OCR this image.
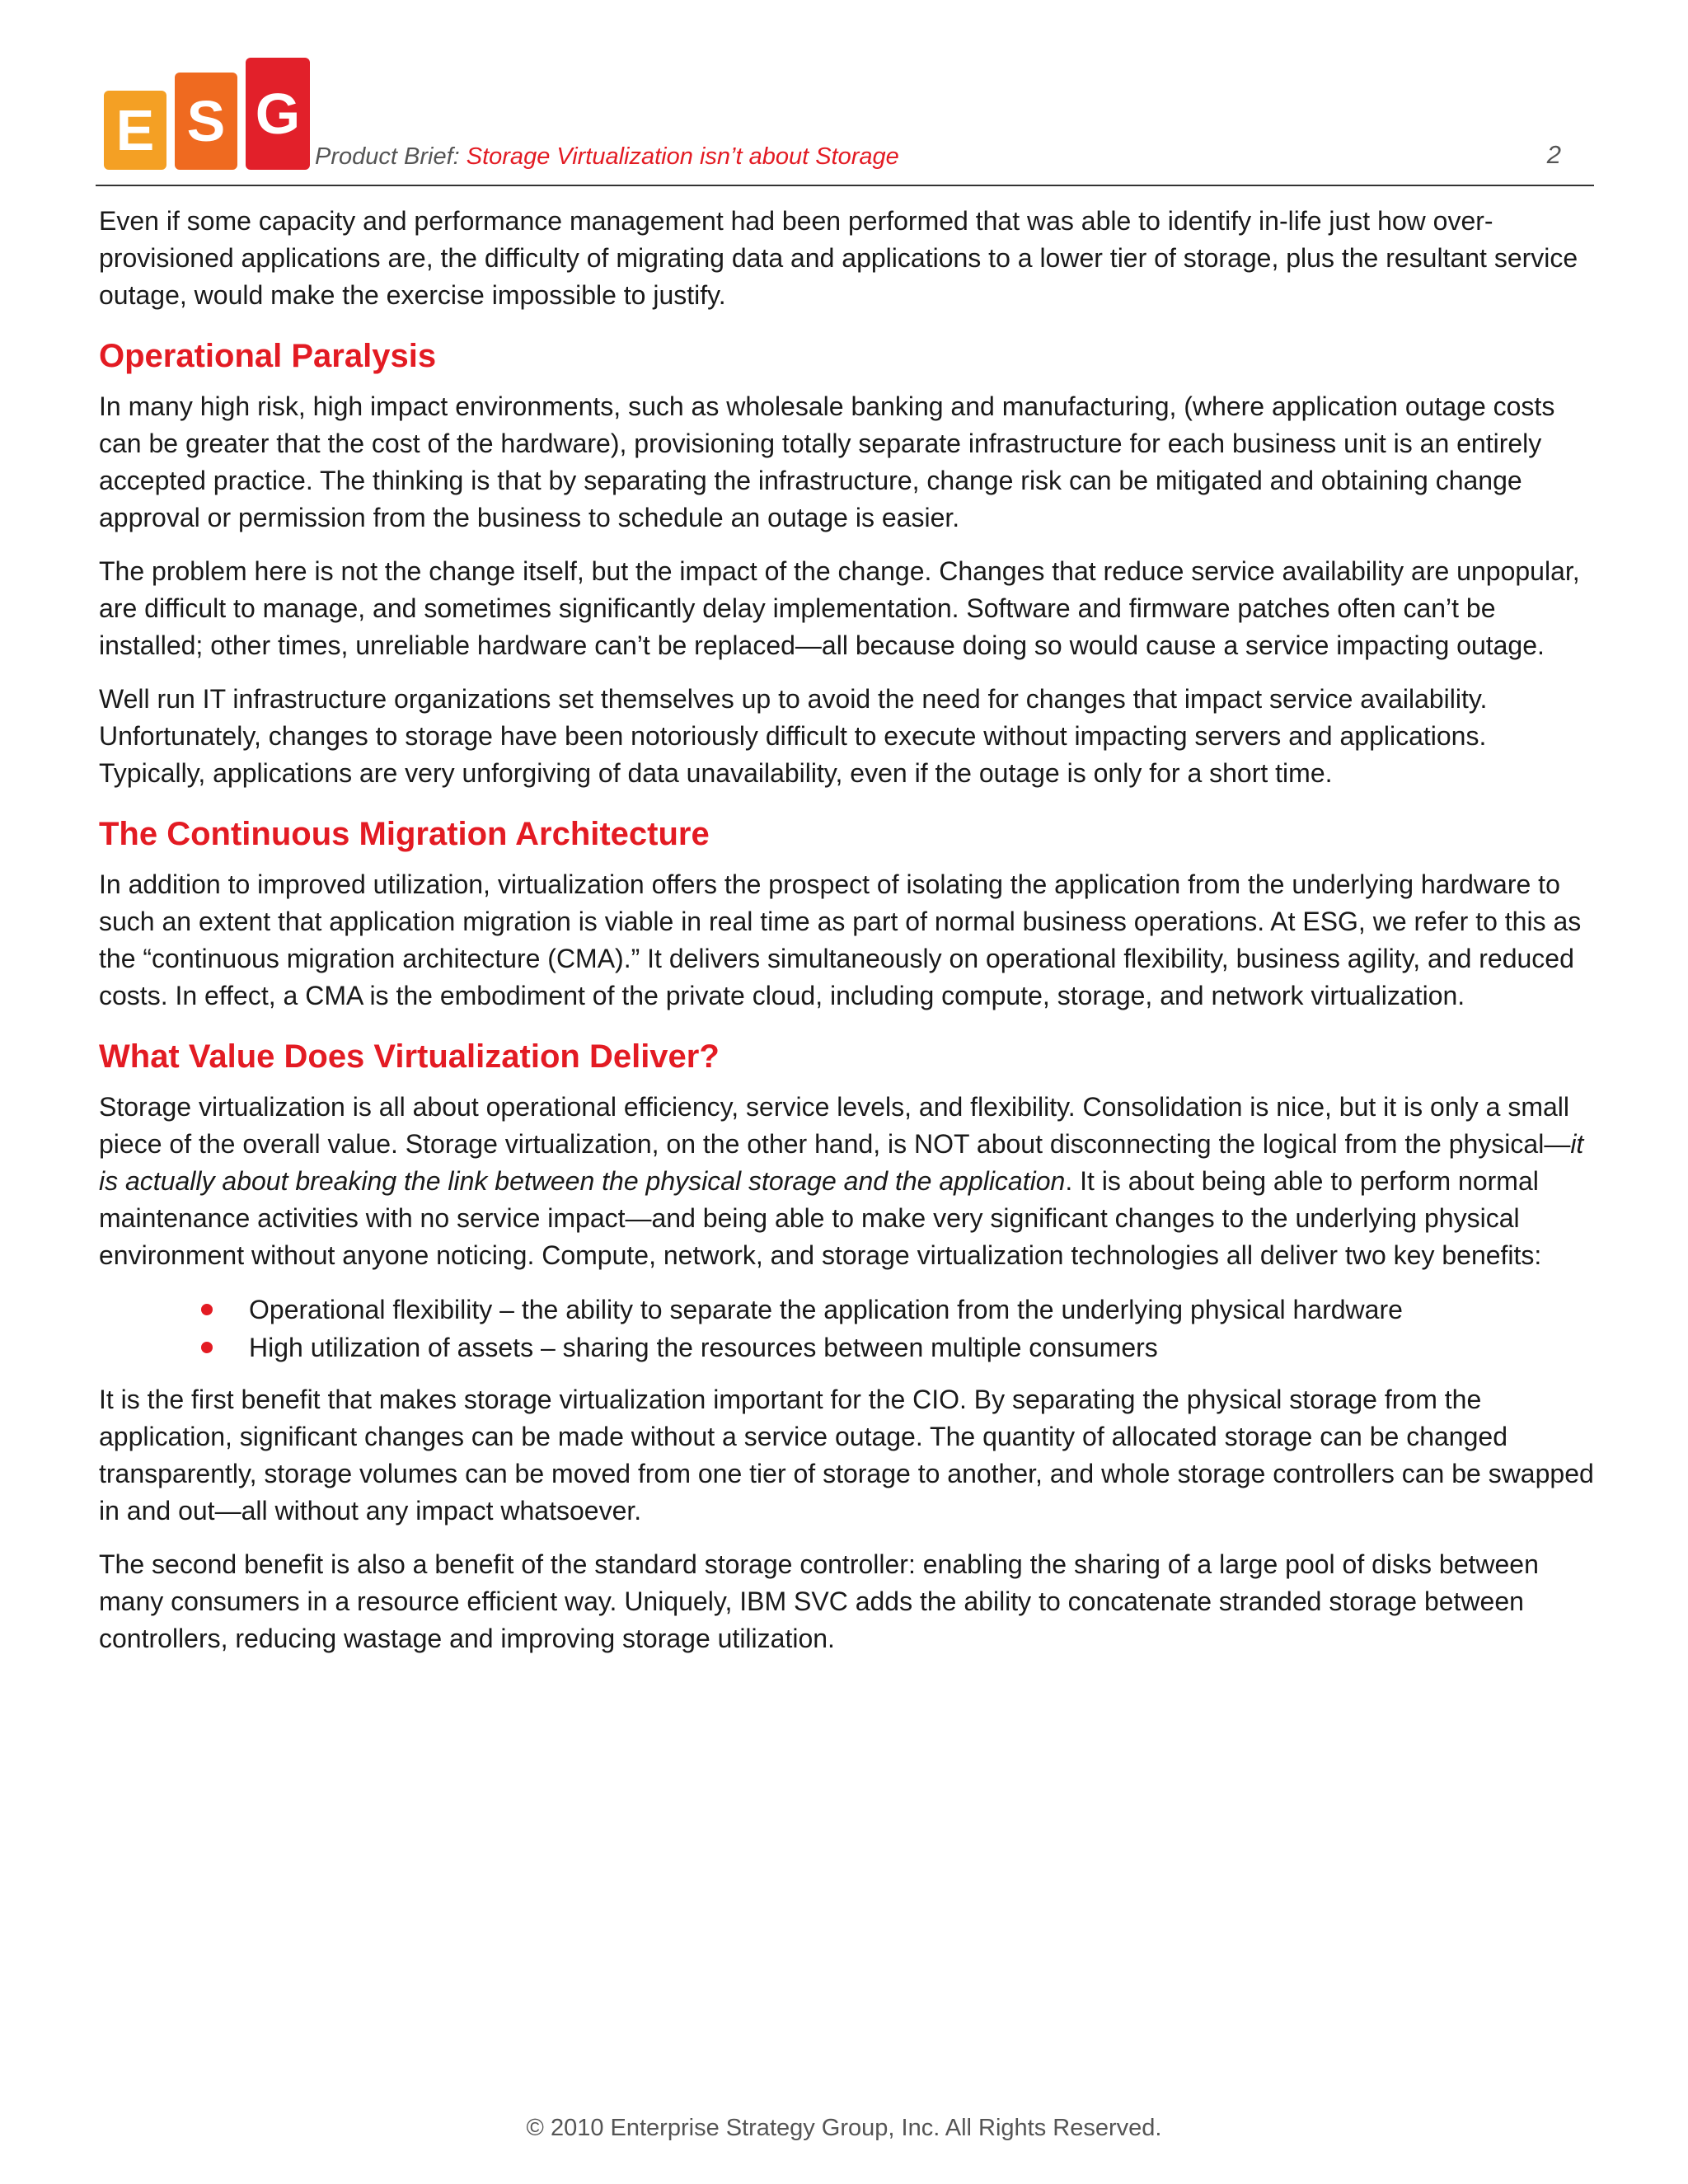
E S G
Product Brief: Storage Virtualization isn’t about Storage	2

Even if some capacity and performance management had been performed that was able to identify in-life just how over-provisioned applications are, the difficulty of migrating data and applications to a lower tier of storage, plus the resultant service outage, would make the exercise impossible to justify.

Operational Paralysis

In many high risk, high impact environments, such as wholesale banking and manufacturing, (where application outage costs can be greater that the cost of the hardware), provisioning totally separate infrastructure for each business unit is an entirely accepted practice. The thinking is that by separating the infrastructure, change risk can be mitigated and obtaining change approval or permission from the business to schedule an outage is easier.

The problem here is not the change itself, but the impact of the change. Changes that reduce service availability are unpopular, are difficult to manage, and sometimes significantly delay implementation. Software and firmware patches often can’t be installed; other times, unreliable hardware can’t be replaced—all because doing so would cause a service impacting outage.

Well run IT infrastructure organizations set themselves up to avoid the need for changes that impact service availability. Unfortunately, changes to storage have been notoriously difficult to execute without impacting servers and applications. Typically, applications are very unforgiving of data unavailability, even if the outage is only for a short time.

The Continuous Migration Architecture

In addition to improved utilization, virtualization offers the prospect of isolating the application from the underlying hardware to such an extent that application migration is viable in real time as part of normal business operations. At ESG, we refer to this as the “continuous migration architecture (CMA).” It delivers simultaneously on operational flexibility, business agility, and reduced costs. In effect, a CMA is the embodiment of the private cloud, including compute, storage, and network virtualization.

What Value Does Virtualization Deliver?

Storage virtualization is all about operational efficiency, service levels, and flexibility. Consolidation is nice, but it is only a small piece of the overall value. Storage virtualization, on the other hand, is NOT about disconnecting the logical from the physical—it is actually about breaking the link between the physical storage and the application. It is about being able to perform normal maintenance activities with no service impact—and being able to make very significant changes to the underlying physical environment without anyone noticing. Compute, network, and storage virtualization technologies all deliver two key benefits:

Operational flexibility – the ability to separate the application from the underlying physical hardware
High utilization of assets – sharing the resources between multiple consumers

It is the first benefit that makes storage virtualization important for the CIO. By separating the physical storage from the application, significant changes can be made without a service outage. The quantity of allocated storage can be changed transparently, storage volumes can be moved from one tier of storage to another, and whole storage controllers can be swapped in and out—all without any impact whatsoever.

The second benefit is also a benefit of the standard storage controller: enabling the sharing of a large pool of disks between many consumers in a resource efficient way. Uniquely, IBM SVC adds the ability to concatenate stranded storage between controllers, reducing wastage and improving storage utilization.

© 2010 Enterprise Strategy Group, Inc. All Rights Reserved.
